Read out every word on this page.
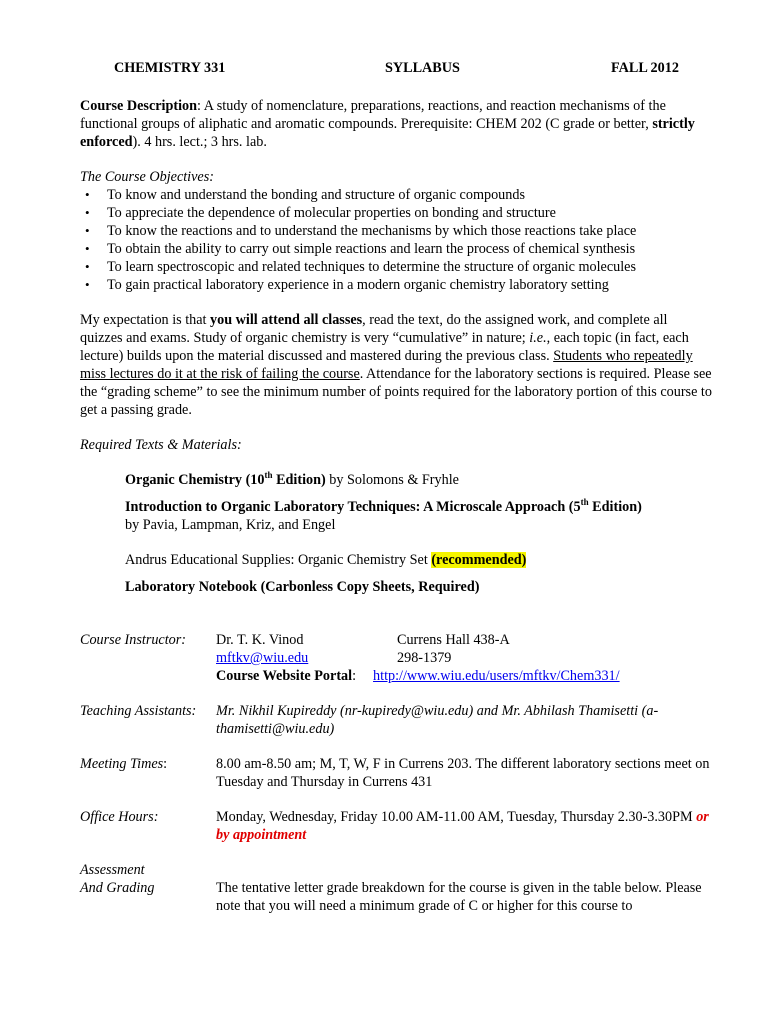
CHEMISTRY 331	SYLLABUS	FALL 2012

Course Description: A study of nomenclature, preparations, reactions, and reaction mechanisms of the functional groups of aliphatic and aromatic compounds. Prerequisite: CHEM 202 (C grade or better, strictly enforced). 4 hrs. lect.; 3 hrs. lab.

The Course Objectives:

• To know and understand the bonding and structure of organic compounds
• To appreciate the dependence of molecular properties on bonding and structure
• To know the reactions and to understand the mechanisms by which those reactions take place
• To obtain the ability to carry out simple reactions and learn the process of chemical synthesis
• To learn spectroscopic and related techniques to determine the structure of organic molecules
• To gain practical laboratory experience in a modern organic chemistry laboratory setting

My expectation is that you will attend all classes, read the text, do the assigned work, and complete all quizzes and exams. Study of organic chemistry is very “cumulative” in nature; i.e., each topic (in fact, each lecture) builds upon the material discussed and mastered during the previous class. Students who repeatedly miss lectures do it at the risk of failing the course. Attendance for the laboratory sections is required. Please see the “grading scheme” to see the minimum number of points required for the laboratory portion of this course to get a passing grade.

Required Texts & Materials:

Organic Chemistry (10th Edition) by Solomons & Fryhle

Introduction to Organic Laboratory Techniques: A Microscale Approach (5th Edition)

by Pavia, Lampman, Kriz, and Engel

Andrus Educational Supplies: Organic Chemistry Set (recommended)

Laboratory Notebook (Carbonless Copy Sheets, Required)

Course Instructor: Dr. T. K. Vinod	Currens Hall 438-A
mftkv@wiu.edu	298-1379
Course Website Portal: http://www.wiu.edu/users/mftkv/Chem331/
Teaching Assistants: Mr. Nikhil Kupireddy (nr-kupiredy@wiu.edu) and Mr. Abhilash Thamisetti (a-thamisetti@wiu.edu)
Meeting Times:	8.00 am-8.50 am; M, T, W, F in Currens 203. The different laboratory sections meet on Tuesday and Thursday in Currens 431
Office Hours:	Monday, Wednesday, Friday 10.00 AM-11.00 AM, Tuesday, Thursday 2.30-3.30PM or by appointment
Assessment
And Grading	The tentative letter grade breakdown for the course is given in the table below. Please note that you will need a minimum grade of C or higher for this course to
